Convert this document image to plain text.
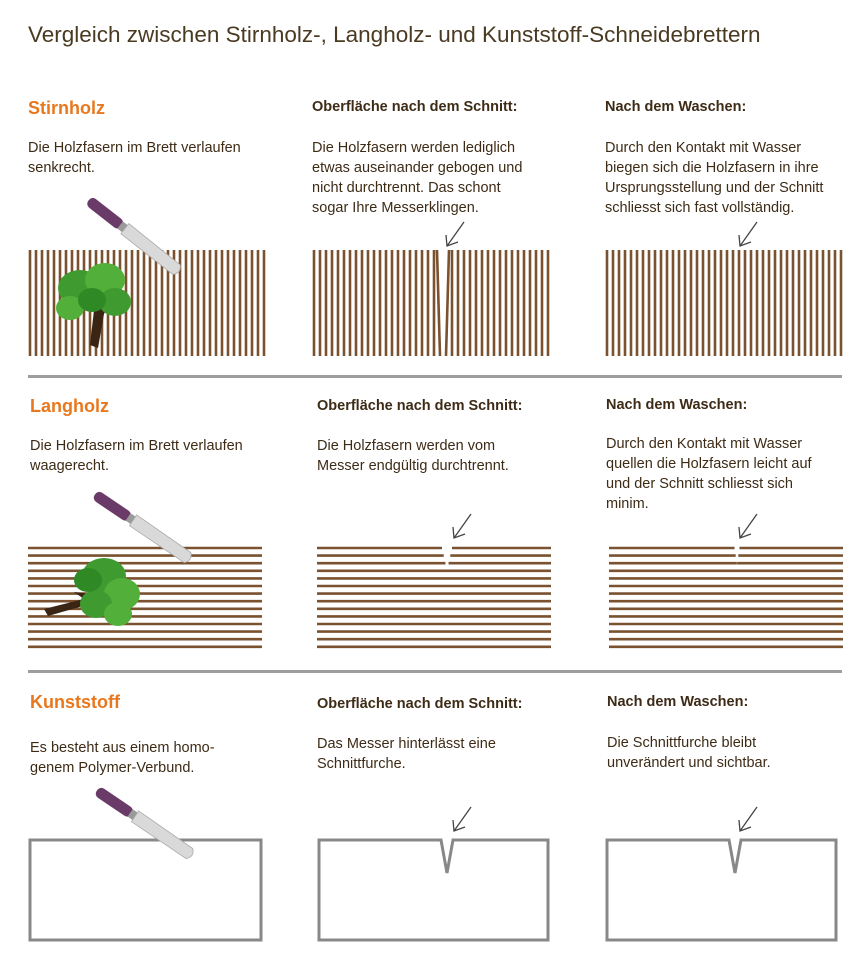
Vergleich zwischen Stirnholz-, Langholz- und Kunststoff-Schneidebrettern
Stirnholz
Die Holzfasern im Brett verlaufen
senkrecht.
Oberfläche nach dem Schnitt:
Die Holzfasern werden lediglich
etwas auseinander gebogen und
nicht durchtrennt. Das schont
sogar Ihre Messerklingen.
Nach dem Waschen:
Durch den Kontakt mit Wasser
biegen sich die Holzfasern in ihre
Ursprungsstellung und der Schnitt
schliesst sich fast vollständig.
Langholz
Die Holzfasern im Brett verlaufen
waagerecht.
Oberfläche nach dem Schnitt:
Die Holzfasern werden vom
Messer endgültig durchtrennt.
Nach dem Waschen:
Durch den Kontakt mit Wasser
quellen die Holzfasern leicht auf
und der Schnitt schliesst sich
minim.
Kunststoff
Es besteht aus einem homo-
genem Polymer-Verbund.
Oberfläche nach dem Schnitt:
Das Messer hinterlässt eine
Schnittfurche.
Nach dem Waschen:
Die Schnittfurche bleibt
unverändert und sichtbar.
